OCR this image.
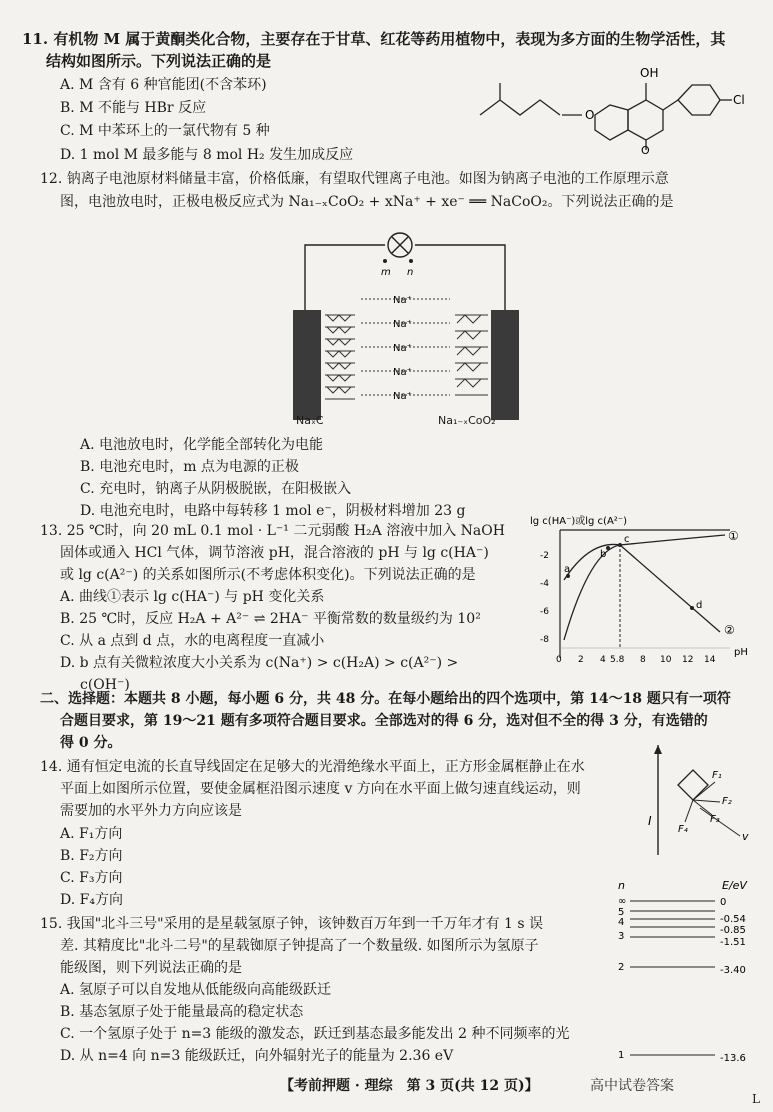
11. 有机物 M 属于黄酮类化合物，主要存在于甘草、红花等药用植物中，表现为多方面的生物学活性，其
结构如图所示。下列说法正确的是
A. M 含有 6 种官能团(不含苯环)
B. M 不能与 HBr 反应
C. M 中苯环上的一氯代物有 5 种
D. 1 mol M 最多能与 8 mol H₂ 发生加成反应
O
OH
O
Cl
12. 钠离子电池原材料储量丰富，价格低廉，有望取代锂离子电池。如图为钠离子电池的工作原理示意
图，电池放电时，正极电极反应式为 Na₁₋ₓCoO₂ + xNa⁺ + xe⁻ ══ NaCoO₂。下列说法正确的是
m n
Na⁺
Na⁺
Na⁺
Na⁺
Na⁺
NaₓC	Na₁₋ₓCoO₂
A. 电池放电时，化学能全部转化为电能
B. 电池充电时，m 点为电源的正极
C. 充电时，钠离子从阴极脱嵌，在阳极嵌入
D. 电池充电时，电路中每转移 1 mol e⁻，阴极材料增加 23 g
13. 25 ℃时，向 20 mL 0.1 mol · L⁻¹ 二元弱酸 H₂A 溶液中加入 NaOH
固体或通入 HCl 气体，调节溶液 pH，混合溶液的 pH 与 lg c(HA⁻)
或 lg c(A²⁻) 的关系如图所示(不考虑体积变化)。下列说法正确的是
A. 曲线①表示 lg c(HA⁻) 与 pH 变化关系
B. 25 ℃时，反应 H₂A + A²⁻ ⇌ 2HA⁻ 平衡常数的数量级约为 10²
C. 从 a 点到 d 点，水的电离程度一直减小
D. b 点有关微粒浓度大小关系为 c(Na⁺) > c(H₂A) > c(A²⁻) >
c(OH⁻)
lg c(HA⁻)或lg c(A²⁻)
pH
-2
-4
-6
-8
0 2 4 5.8 8 10 12 14
a
b
c
d
①
②
二、选择题：本题共 8 小题，每小题 6 分，共 48 分。在每小题给出的四个选项中，第 14～18 题只有一项符
合题目要求，第 19～21 题有多项符合题目要求。全部选对的得 6 分，选对但不全的得 3 分，有选错的
得 0 分。
14. 通有恒定电流的长直导线固定在足够大的光滑绝缘水平面上，正方形金属框静止在水
平面上如图所示位置，要使金属框沿图示速度 v 方向在水平面上做匀速直线运动，则
需要加的水平外力方向应该是
A. F₁方向
B. F₂方向
C. F₃方向
D. F₄方向
I
F₁
F₂
F₃
F₄
v
15. 我国"北斗三号"采用的是星载氢原子钟，该钟数百万年到一千万年才有 1 s 误
差. 其精度比"北斗二号"的星载铷原子钟提高了一个数量级. 如图所示为氢原子
能级图，则下列说法正确的是
A. 氢原子可以自发地从低能级向高能级跃迁
B. 基态氢原子处于能量最高的稳定状态
C. 一个氢原子处于 n=3 能级的激发态，跃迁到基态最多能发出 2 种不同频率的光
D. 从 n=4 向 n=3 能级跃迁，向外辐射光子的能量为 2.36 eV
n	E/eV
∞
5
4
3
2
1
0
-0.54
-0.85
-1.51
-3.40
-13.6
【考前押题 · 理综　第 3 页(共 12 页)】	高中试卷答案
L
